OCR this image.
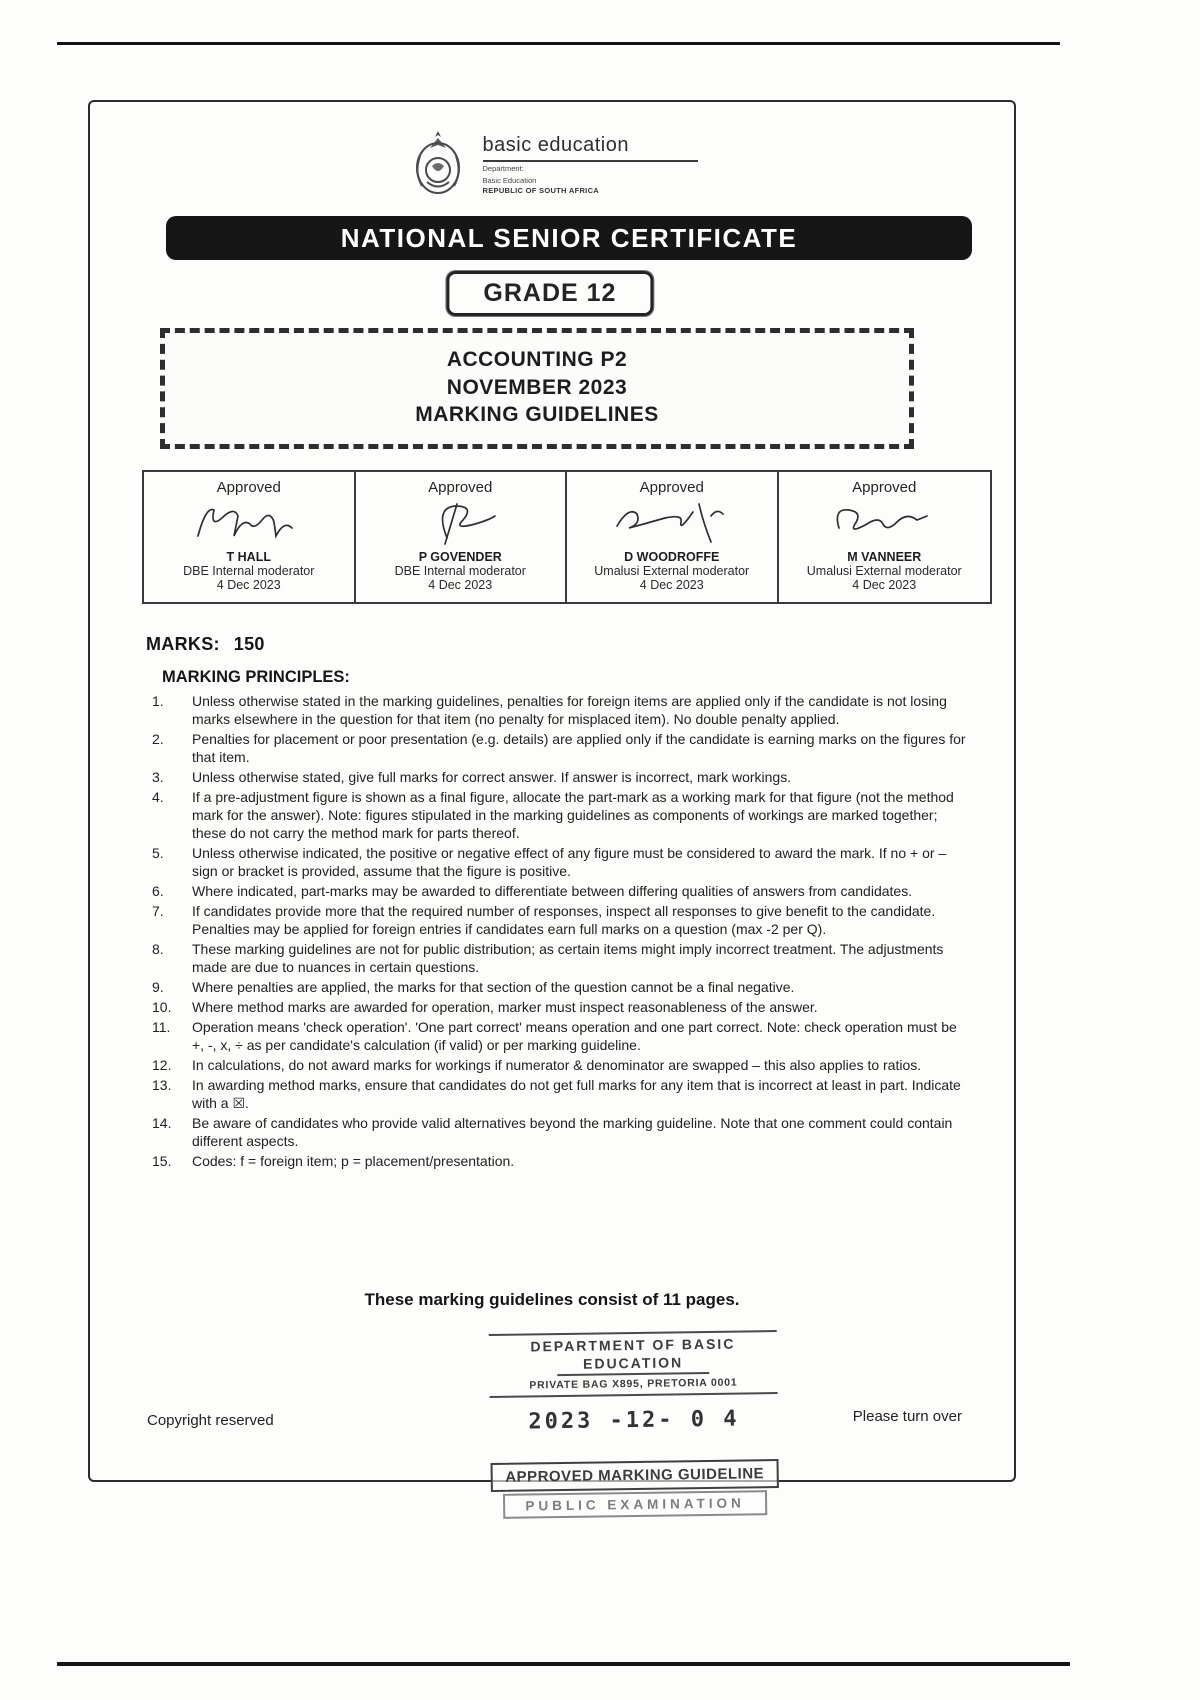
basic education
Department:
Basic Education
REPUBLIC OF SOUTH AFRICA
NATIONAL SENIOR CERTIFICATE
GRADE 12
ACCOUNTING P2
NOVEMBER 2023
MARKING GUIDELINES
Approved
T HALL
DBE Internal moderator
4 Dec 2023
Approved
P GOVENDER
DBE Internal moderator
4 Dec 2023
Approved
D WOODROFFE
Umalusi External moderator
4 Dec 2023
Approved
M VANNEER
Umalusi External moderator
4 Dec 2023
MARKS: 150
MARKING PRINCIPLES:
1.	Unless otherwise stated in the marking guidelines, penalties for foreign items are applied only if the candidate is not losing marks elsewhere in the question for that item (no penalty for misplaced item). No double penalty applied.
2.	Penalties for placement or poor presentation (e.g. details) are applied only if the candidate is earning marks on the figures for that item.
3.	Unless otherwise stated, give full marks for correct answer. If answer is incorrect, mark workings.
4.	If a pre-adjustment figure is shown as a final figure, allocate the part-mark as a working mark for that figure (not the method mark for the answer). Note: figures stipulated in the marking guidelines as components of workings are marked together; these do not carry the method mark for parts thereof.
5.	Unless otherwise indicated, the positive or negative effect of any figure must be considered to award the mark. If no + or – sign or bracket is provided, assume that the figure is positive.
6.	Where indicated, part-marks may be awarded to differentiate between differing qualities of answers from candidates.
7.	If candidates provide more that the required number of responses, inspect all responses to give benefit to the candidate. Penalties may be applied for foreign entries if candidates earn full marks on a question (max -2 per Q).
8.	These marking guidelines are not for public distribution; as certain items might imply incorrect treatment. The adjustments made are due to nuances in certain questions.
9.	Where penalties are applied, the marks for that section of the question cannot be a final negative.
10.	Where method marks are awarded for operation, marker must inspect reasonableness of the answer.
11.	Operation means 'check operation'. 'One part correct' means operation and one part correct. Note: check operation must be +, -, x, ÷ as per candidate's calculation (if valid) or per marking guideline.
12.	In calculations, do not award marks for workings if numerator & denominator are swapped – this also applies to ratios.
13.	In awarding method marks, ensure that candidates do not get full marks for any item that is incorrect at least in part. Indicate with a ☒.
14.	Be aware of candidates who provide valid alternatives beyond the marking guideline. Note that one comment could contain different aspects.
15.	Codes: f = foreign item; p = placement/presentation.
These marking guidelines consist of 11 pages.
DEPARTMENT OF BASIC
EDUCATION
PRIVATE BAG X895, PRETORIA 0001
2023 -12- 0 4
APPROVED MARKING GUIDELINE
PUBLIC EXAMINATION
Copyright reserved	Please turn over
